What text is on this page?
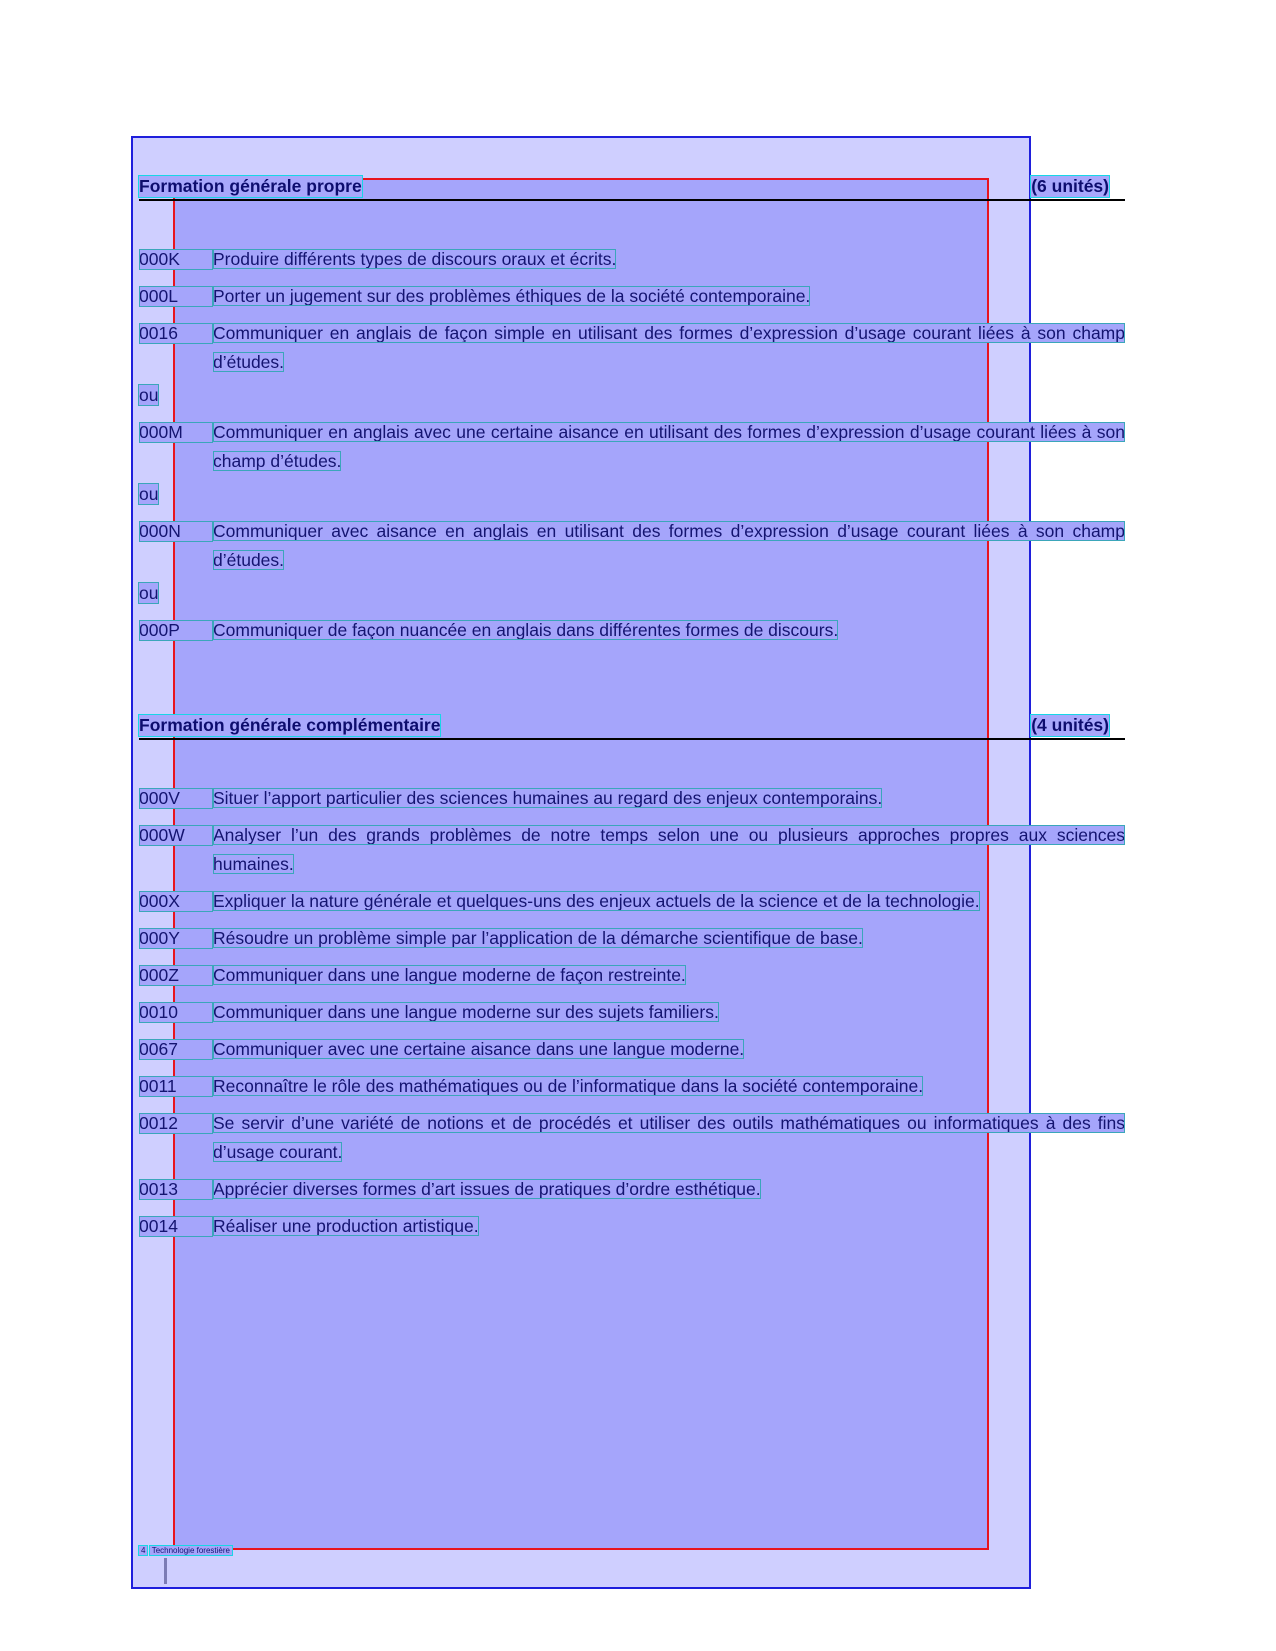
Formation générale propre	(6 unités)
000K	Produire différents types de discours oraux et écrits.
000L	Porter un jugement sur des problèmes éthiques de la société contemporaine.
0016	Communiquer en anglais de façon simple en utilisant des formes d’expression d’usage courant liées à son champ d’études.
ou
000M	Communiquer en anglais avec une certaine aisance en utilisant des formes d’expression d’usage courant liées à son champ d’études.
ou
000N	Communiquer avec aisance en anglais en utilisant des formes d’expression d’usage courant liées à son champ d’études.
ou
000P	Communiquer de façon nuancée en anglais dans différentes formes de discours.
Formation générale complémentaire	(4 unités)
000V	Situer l’apport particulier des sciences humaines au regard des enjeux contemporains.
000W	Analyser l’un des grands problèmes de notre temps selon une ou plusieurs approches propres aux sciences humaines.
000X	Expliquer la nature générale et quelques-uns des enjeux actuels de la science et de la technologie.
000Y	Résoudre un problème simple par l’application de la démarche scientifique de base.
000Z	Communiquer dans une langue moderne de façon restreinte.
0010	Communiquer dans une langue moderne sur des sujets familiers.
0067	Communiquer avec une certaine aisance dans une langue moderne.
0011	Reconnaître le rôle des mathématiques ou de l’informatique dans la société contemporaine.
0012	Se servir d’une variété de notions et de procédés et utiliser des outils mathématiques ou informatiques à des fins d’usage courant.
0013	Apprécier diverses formes d’art issues de pratiques d’ordre esthétique.
0014	Réaliser une production artistique.
4 Technologie forestière
